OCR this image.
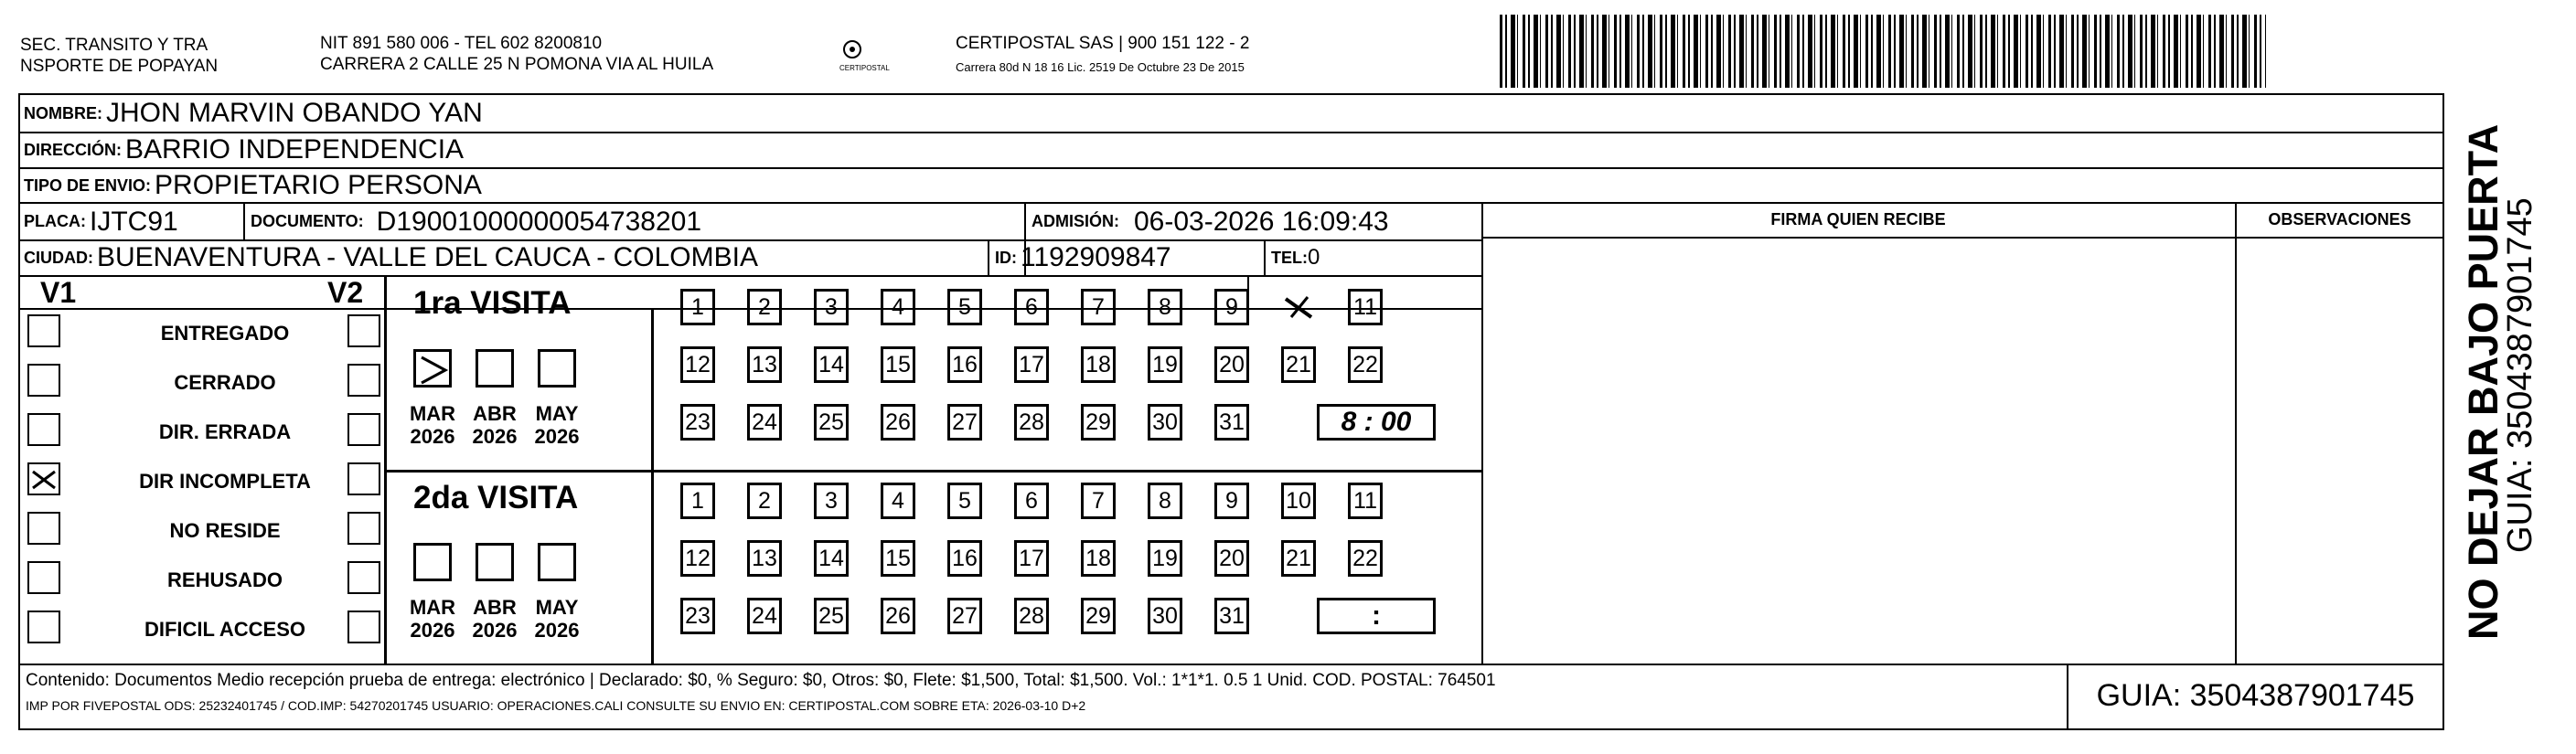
SEC. TRANSITO Y TRA
NSPORTE DE POPAYAN
NIT 891 580 006 - TEL 602 8200810
CARRERA 2 CALLE 25 N POMONA VIA AL HUILA	CERTIPOSTAL
CERTIPOSTAL SAS | 900 151 122 - 2
Carrera 80d N 18 16 Lic. 2519 De Octubre 23 De 2015
NOMBRE: JHON MARVIN OBANDO YAN
DIRECCIÓN: BARRIO INDEPENDENCIA
TIPO DE ENVIO: PROPIETARIO PERSONA
FIRMA QUIEN RECIBE	OBSERVACIONES
PLACA: IJTC91	DOCUMENTO: D19001000000054738201	ADMISIÓN: 06-03-2026 16:09:43
CIUDAD: BUENAVENTURA - VALLE DEL CAUCA - COLOMBIA	ID: 1192909847	TEL: 0
V1	V2
ENTREGADO
CERRADO
DIR. ERRADA
DIR INCOMPLETA
NO RESIDE
REHUSADO
DIFICIL ACCESO
1ra VISITA
2da VISITA
MAR
2026
ABR
2026
MAY
2026
1	2	3	4	5	6	7	8	9	11
12 13 14 15 16 17 18 19 20 21 22
23 24 25 26 27 28 29 30 31	8 : 00
MAR
2026
ABR
2026
MAY
2026
1	2	3	4	5	6	7	8	9	10 11
12 13 14 15 16 17 18 19 20 21 22
23 24 25 26 27 28 29 30 31	:
Contenido: Documentos Medio recepción prueba de entrega: electrónico | Declarado: $0, % Seguro: $0, Otros: $0, Flete: $1,500, Total: $1,500. Vol.: 1*1*1. 0.5 1 Unid. COD. POSTAL: 764501
IMP POR FIVEPOSTAL ODS: 25232401745 / COD.IMP: 54270201745 USUARIO: OPERACIONES.CALI CONSULTE SU ENVIO EN: CERTIPOSTAL.COM SOBRE ETA: 2026-03-10 D+2	GUIA: 3504387901745
NO DEJAR BAJO PUERTA
GUIA: 3504387901745
